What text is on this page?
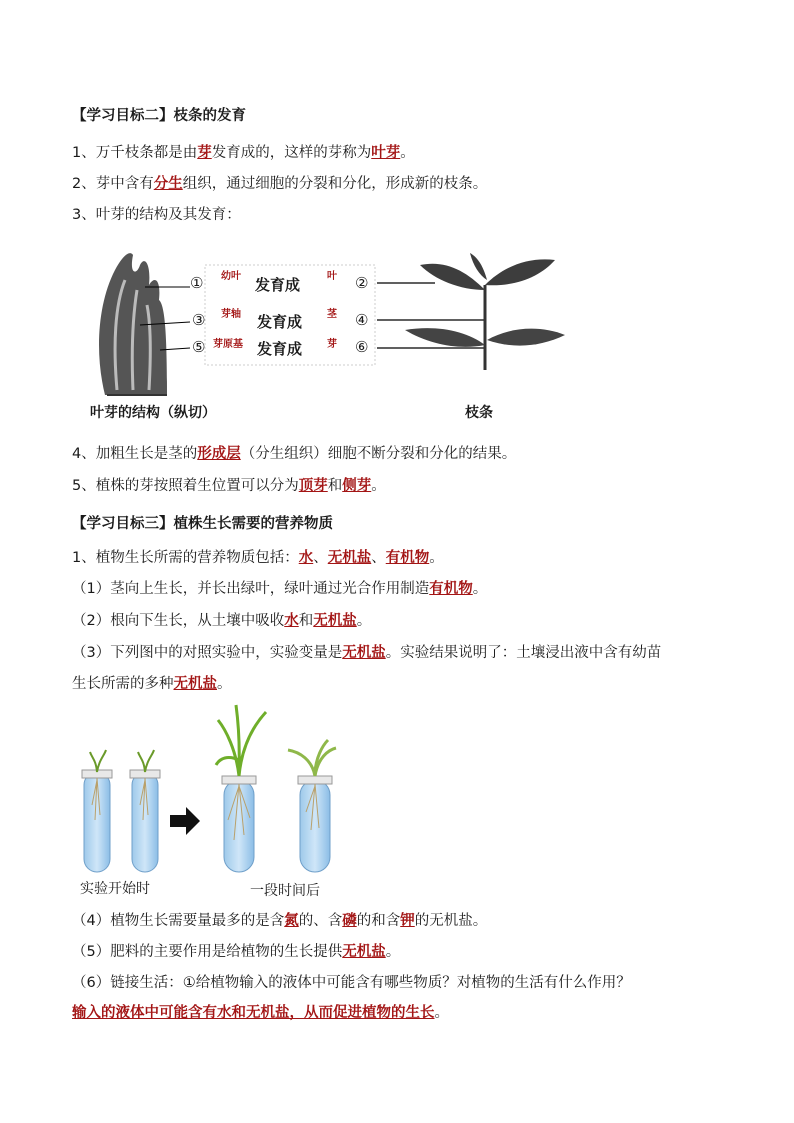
【学习目标二】枝条的发育
1、万千枝条都是由芽发育成的，这样的芽称为叶芽。
2、芽中含有分生组织，通过细胞的分裂和分化，形成新的枝条。
3、叶芽的结构及其发育：
幼叶
芽轴
芽原基
叶
茎
芽
发育成
发育成
发育成
①
③
⑤
②
④
⑥
叶芽的结构（纵切）	枝条
4、加粗生长是茎的形成层（分生组织）细胞不断分裂和分化的结果。
5、植株的芽按照着生位置可以分为顶芽和侧芽。
【学习目标三】植株生长需要的营养物质
1、植物生长所需的营养物质包括：水、无机盐、有机物。
（1）茎向上生长，并长出绿叶，绿叶通过光合作用制造有机物。
（2）根向下生长，从土壤中吸收水和无机盐。
（3）下列图中的对照实验中，实验变量是无机盐。实验结果说明了：土壤浸出液中含有幼苗
生长所需的多种无机盐。
实验开始时	一段时间后
（4）植物生长需要量最多的是含氮的、含磷的和含钾的无机盐。
（5）肥料的主要作用是给植物的生长提供无机盐。
（6）链接生活：①给植物输入的液体中可能含有哪些物质？对植物的生活有什么作用？
输入的液体中可能含有水和无机盐，从而促进植物的生长。
